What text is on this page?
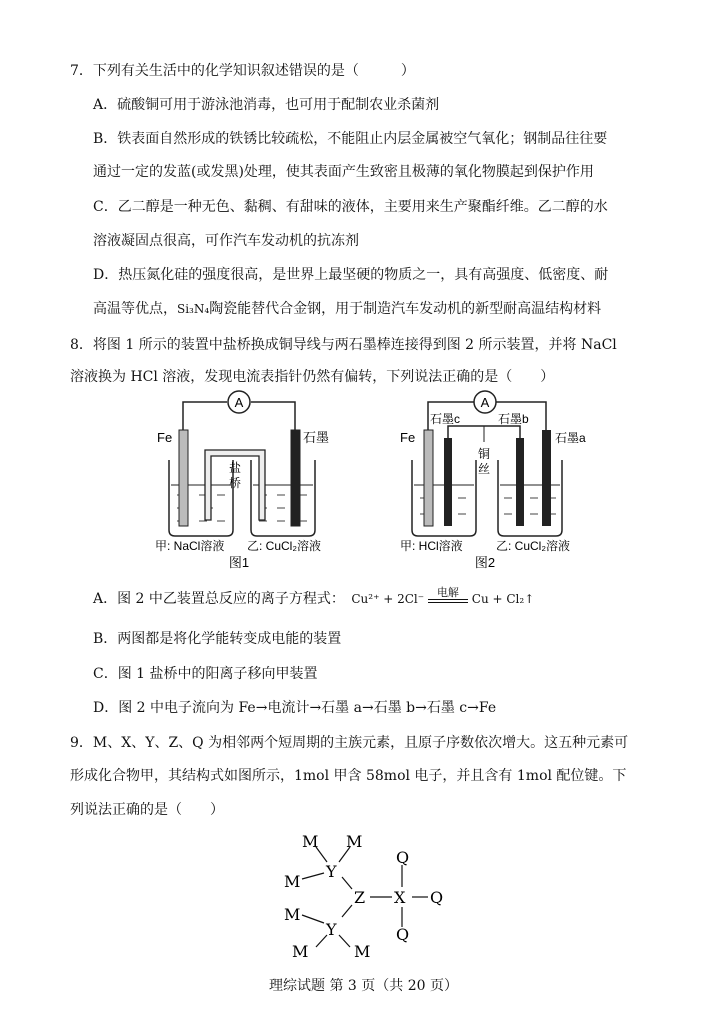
7．下列有关生活中的化学知识叙述错误的是（　　　）
A．硫酸铜可用于游泳池消毒，也可用于配制农业杀菌剂
B．铁表面自然形成的铁锈比较疏松，不能阻止内层金属被空气氧化；钢制品往往要
通过一定的发蓝(或发黑)处理，使其表面产生致密且极薄的氧化物膜起到保护作用
C．乙二醇是一种无色、黏稠、有甜味的液体，主要用来生产聚酯纤维。乙二醇的水
溶液凝固点很高，可作汽车发动机的抗冻剂
D．热压氮化硅的强度很高，是世界上最坚硬的物质之一，具有高强度、低密度、耐
高温等优点，Si₃N₄陶瓷能替代合金钢，用于制造汽车发动机的新型耐高温结构材料
8．将图 1 所示的装置中盐桥换成铜导线与两石墨棒连接得到图 2 所示装置，并将 NaCl
溶液换为 HCl 溶液，发现电流表指针仍然有偏转，下列说法正确的是（　　）
A
Fe	石墨
盐
桥
甲: NaCl溶液 乙: CuCl₂溶液
图1
A
Fe
石墨c	石墨b
石墨a
铜
丝
甲: HCl溶液	乙: CuCl₂溶液
图2
A．图 2 中乙装置总反应的离子方程式： Cu²⁺ + 2Cl⁻	电解	Cu + Cl₂↑
B．两图都是将化学能转变成电能的装置
C．图 1 盐桥中的阳离子移向甲装置
D．图 2 中电子流向为 Fe→电流计→石墨 a→石墨 b→石墨 c→Fe
9．M、X、Y、Z、Q 为相邻两个短周期的主族元素，且原子序数依次增大。这五种元素可
形成化合物甲，其结构式如图所示，1mol 甲含 58mol 电子，并且含有 1mol 配位键。下
列说法正确的是（　　）
M M
Y
M
Q
Z X Q
M
Q
Y
M	M
理综试题 第 3 页（共 20 页）
